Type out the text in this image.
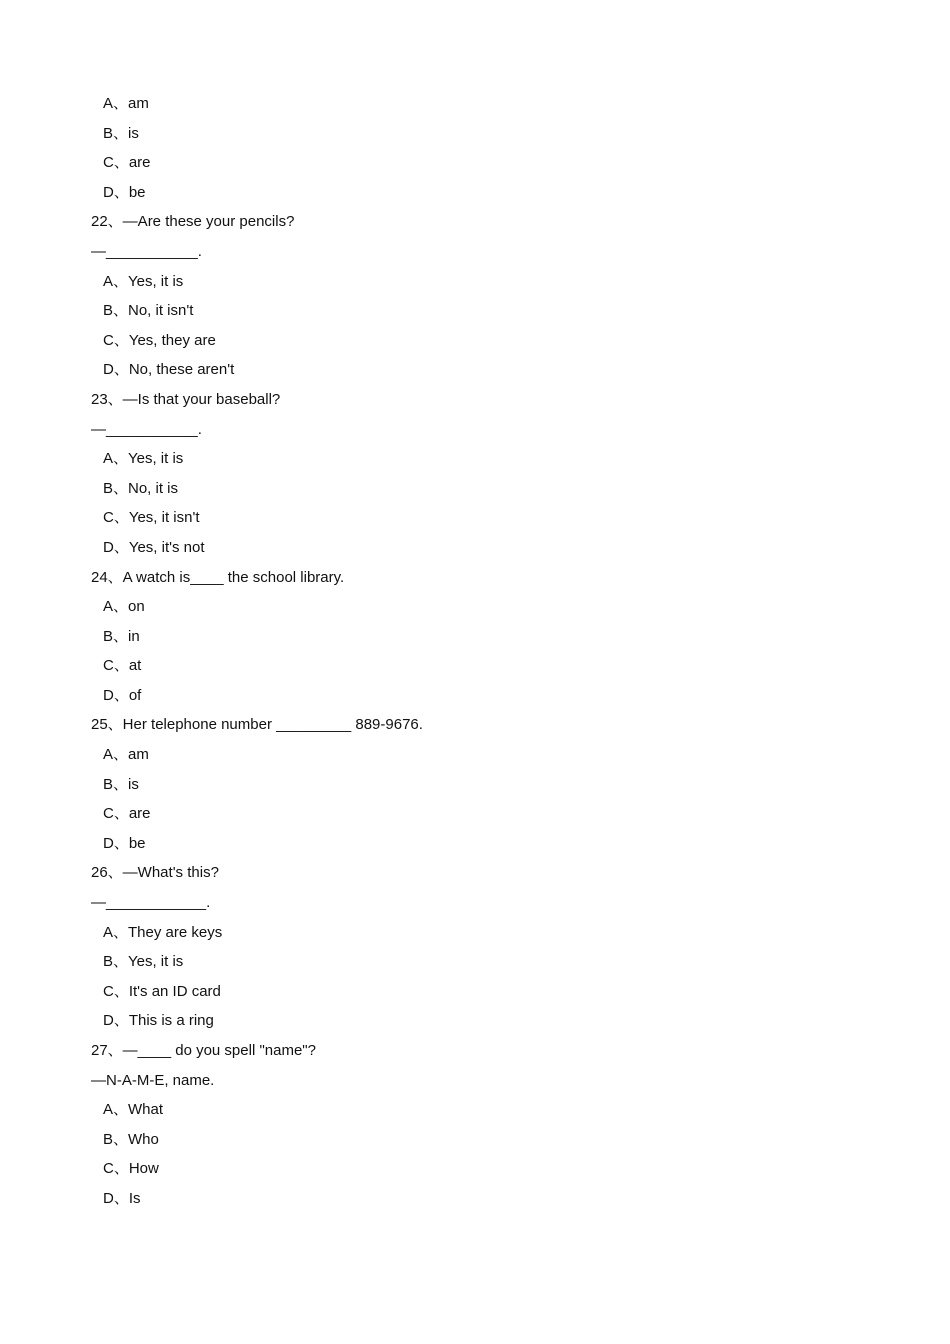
A、am
B、is
C、are
D、be
22、—Are these your pencils?
—___________.
A、Yes, it is
B、No, it isn't
C、Yes, they are
D、No, these aren't
23、—Is that your baseball?
—___________.
A、Yes, it is
B、No, it is
C、Yes, it isn't
D、Yes, it's not
24、A watch is____ the school library.
A、on
B、in
C、at
D、of
25、Her telephone number _________ 889-9676.
A、am
B、is
C、are
D、be
26、—What's this?
—____________.
A、They are keys
B、Yes, it is
C、It's an ID card
D、This is a ring
27、—____ do you spell "name"?
—N-A-M-E, name.
A、What
B、Who
C、How
D、Is
